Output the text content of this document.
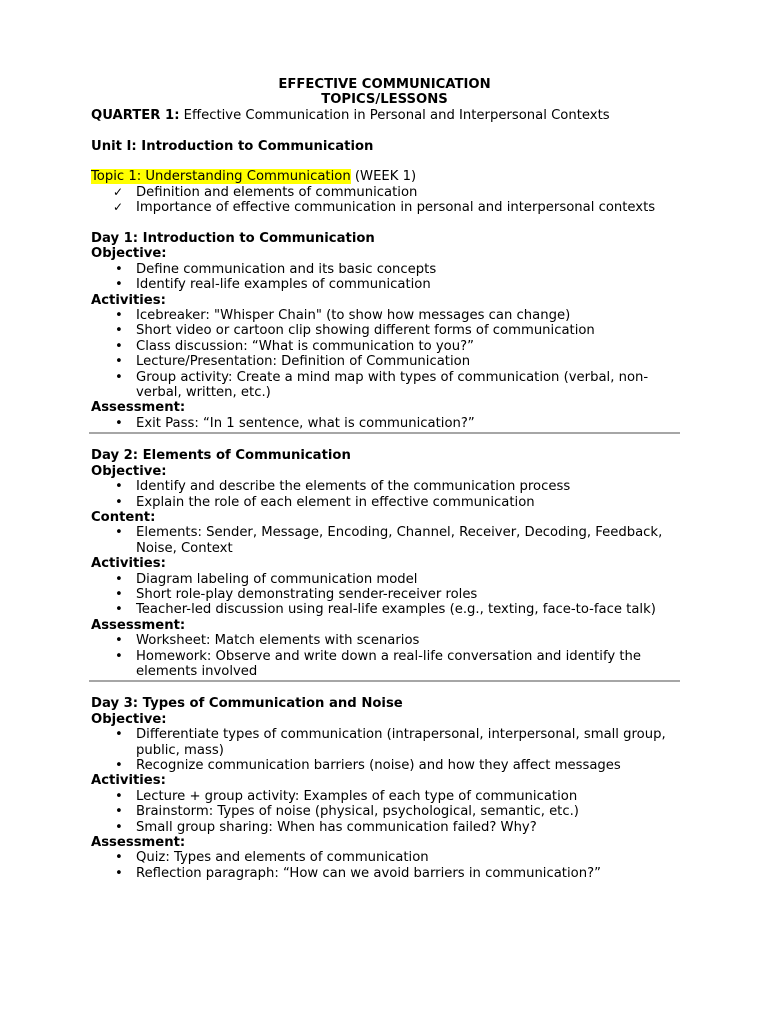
EFFECTIVE COMMUNICATION
TOPICS/LESSONS
QUARTER 1: Effective Communication in Personal and Interpersonal Contexts
Unit I: Introduction to Communication
Topic 1: Understanding Communication (WEEK 1)
✓ Definition and elements of communication
✓ Importance of effective communication in personal and interpersonal contexts
Day 1: Introduction to Communication
Objective:
• Define communication and its basic concepts
• Identify real-life examples of communication
Activities:
• Icebreaker: "Whisper Chain" (to show how messages can change)
• Short video or cartoon clip showing different forms of communication
• Class discussion: “What is communication to you?”
• Lecture/Presentation: Definition of Communication
• Group activity: Create a mind map with types of communication (verbal, non-verbal, written, etc.)
Assessment:
• Exit Pass: “In 1 sentence, what is communication?”
Day 2: Elements of Communication
Objective:
• Identify and describe the elements of the communication process
• Explain the role of each element in effective communication
Content:
• Elements: Sender, Message, Encoding, Channel, Receiver, Decoding, Feedback, Noise, Context
Activities:
• Diagram labeling of communication model
• Short role-play demonstrating sender-receiver roles
• Teacher-led discussion using real-life examples (e.g., texting, face-to-face talk)
Assessment:
• Worksheet: Match elements with scenarios
• Homework: Observe and write down a real-life conversation and identify the elements involved
Day 3: Types of Communication and Noise
Objective:
• Differentiate types of communication (intrapersonal, interpersonal, small group, public, mass)
• Recognize communication barriers (noise) and how they affect messages
Activities:
• Lecture + group activity: Examples of each type of communication
• Brainstorm: Types of noise (physical, psychological, semantic, etc.)
• Small group sharing: When has communication failed? Why?
Assessment:
• Quiz: Types and elements of communication
• Reflection paragraph: “How can we avoid barriers in communication?”
